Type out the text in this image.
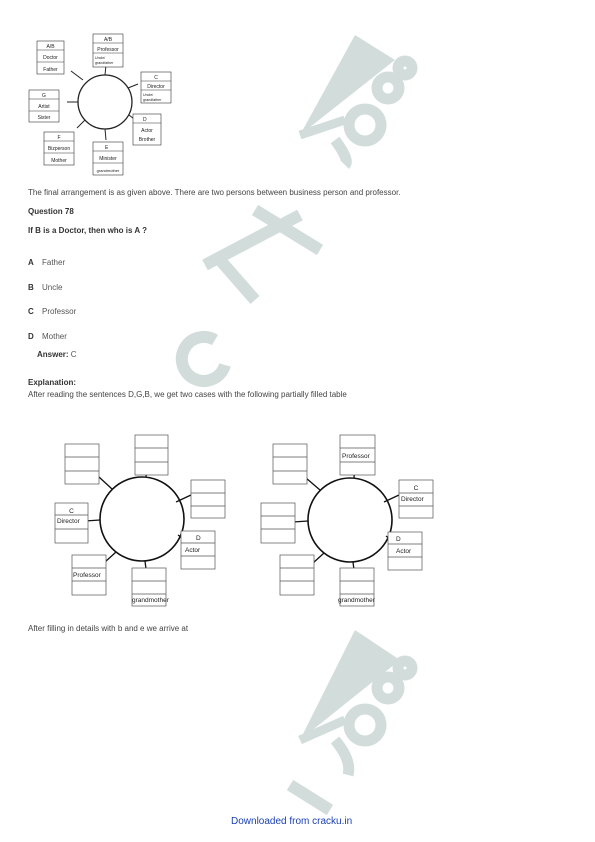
A/B
Doctor
Father
A/B
Professor
Uncle/
grandfather
C
Director
Uncle/
grandfather
D
Actor
Brother
E
Minister
grandmother
F
Bizperson
Mother
G
Artist
Sister
The final arrangement is as given above. There are two persons between business person and professor.
Question 78
If B is a Doctor, then who is A ?
A Father
B Uncle
C Professor
D Mother
Answer: C
Explanation:
After reading the sentences D,G,B, we get two cases with the following partially filled table
C
Director
D
Actor
Professor
grandmother
Professor
C
Director
D
Actor
grandmother
After filling in details with b and e we arrive at
Downloaded from cracku.in
